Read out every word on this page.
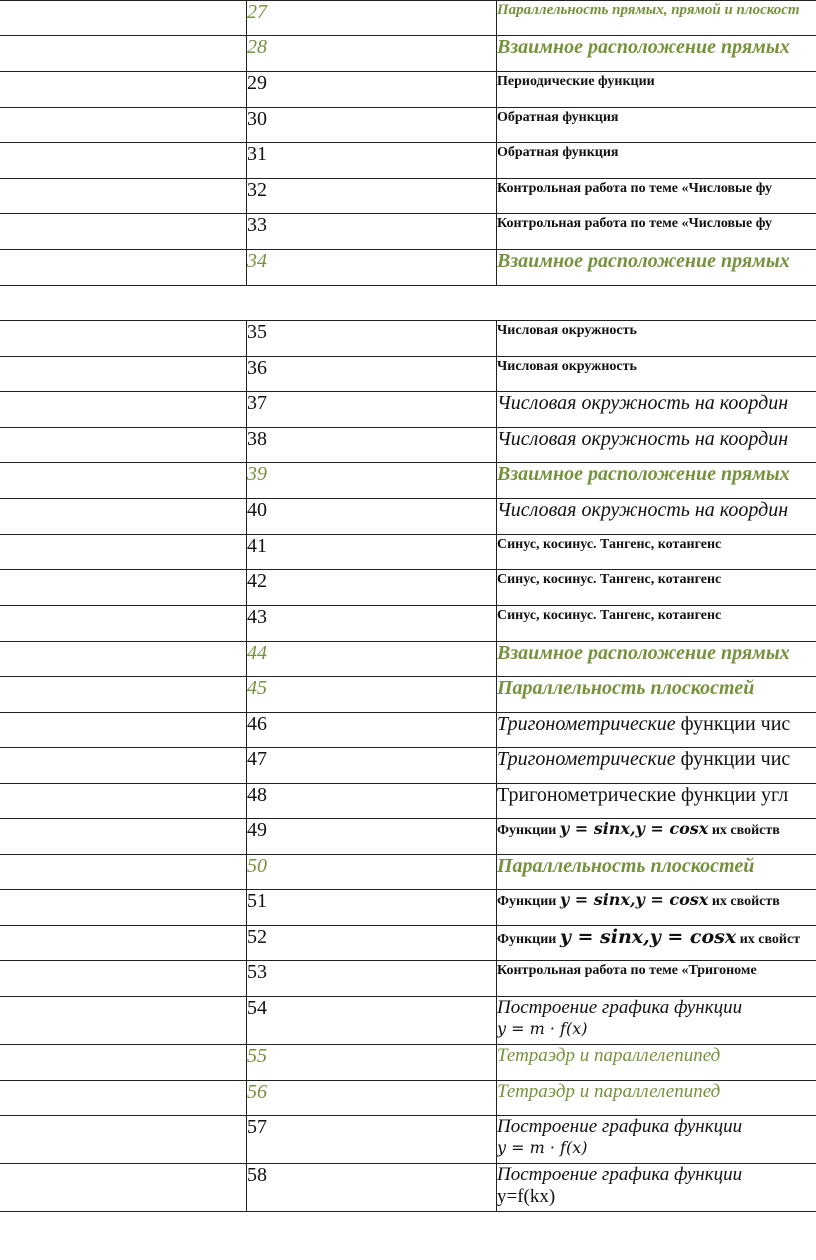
	27	Параллельность прямых, прямой и плоскост
	28	Взаимное расположение прямых
	29	Периодические функции
	30	Обратная функция
	31	Обратная функция
	32	Контрольная работа по теме «Числовые фу
	33	Контрольная работа по теме «Числовые фу
	34	Взаимное расположение прямых
	35	Числовая окружность
	36	Числовая окружность
	37	Числовая окружность на координ
	38	Числовая окружность на координ
	39	Взаимное расположение прямых
	40	Числовая окружность на координ
	41	Синус, косинус. Тангенс, котангенс
	42	Синус, косинус. Тангенс, котангенс
	43	Синус, косинус. Тангенс, котангенс
	44	Взаимное расположение прямых
	45	Параллельность плоскостей
	46	Тригонометрические функции чис
	47	Тригонометрические функции чис
	48	Тригонометрические функции угл
	49	Функции y = sinx,y = cosx их свойств
	50	Параллельность плоскостей
	51	Функции y = sinx,y = cosx их свойств
	52	Функции y = sinx,y = cosx их свойст
	53	Контрольная работа по теме «Тригономе
	54	Построение графика функции
y = m · f(x)

	55	Тетраэдр и параллелепипед
	56	Тетраэдр и параллелепипед
	57	Построение графика функции
y = m · f(x)

	58	Построение графика функции
y=f(kx)
